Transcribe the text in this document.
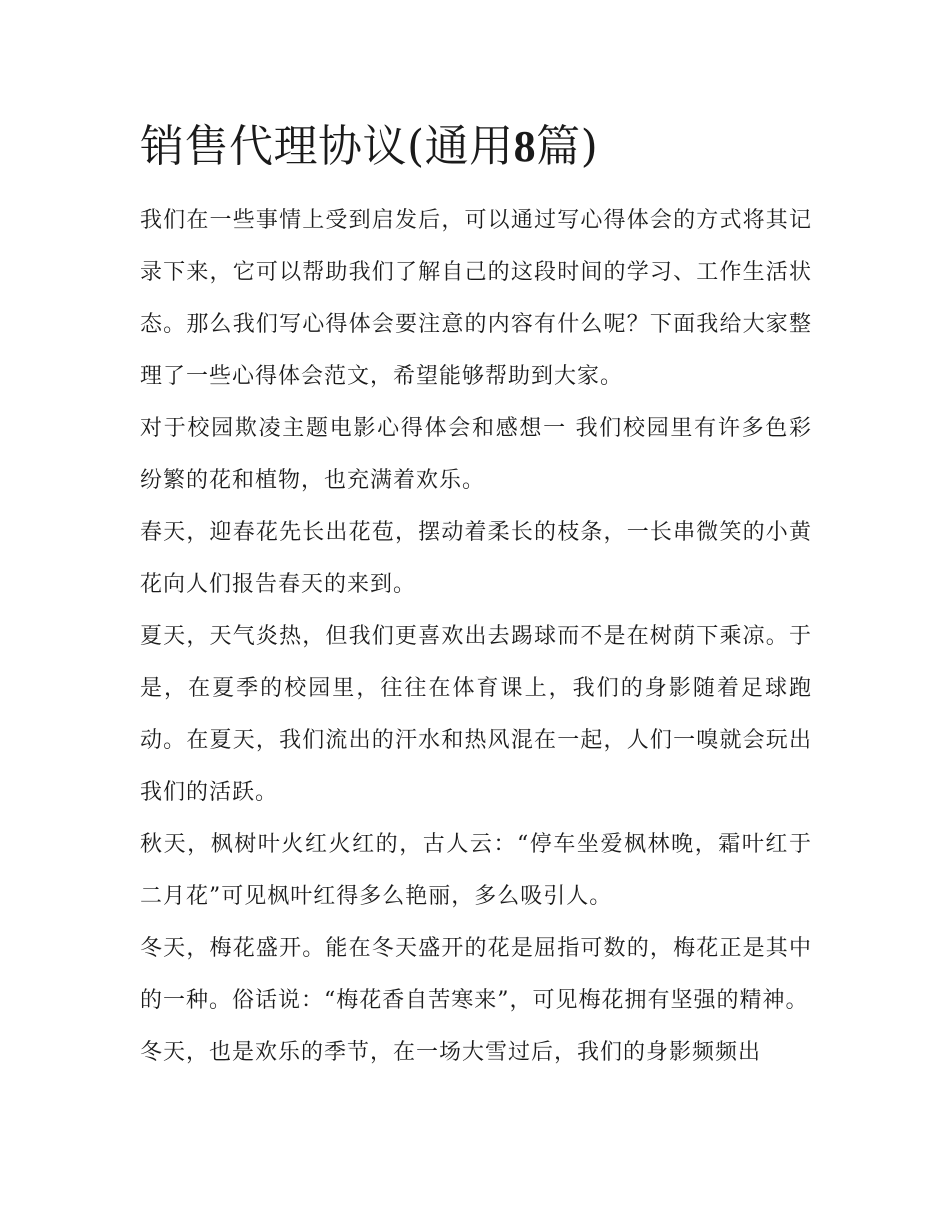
销售代理协议(通用8篇)

我们在一些事情上受到启发后，可以通过写心得体会的方式将其记录下来，它可以帮助我们了解自己的这段时间的学习、工作生活状态。那么我们写心得体会要注意的内容有什么呢？下面我给大家整理了一些心得体会范文，希望能够帮助到大家。

对于校园欺凌主题电影心得体会和感想一 我们校园里有许多色彩纷繁的花和植物，也充满着欢乐。

春天，迎春花先长出花苞，摆动着柔长的枝条，一长串微笑的小黄花向人们报告春天的来到。

夏天，天气炎热，但我们更喜欢出去踢球而不是在树荫下乘凉。于是，在夏季的校园里，往往在体育课上，我们的身影随着足球跑动。在夏天，我们流出的汗水和热风混在一起，人们一嗅就会玩出我们的活跃。

秋天，枫树叶火红火红的，古人云：“停车坐爱枫林晚，霜叶红于二月花”可见枫叶红得多么艳丽，多么吸引人。

冬天，梅花盛开。能在冬天盛开的花是屈指可数的，梅花正是其中的一种。俗话说：“梅花香自苦寒来”，可见梅花拥有坚强的精神。

冬天，也是欢乐的季节，在一场大雪过后，我们的身影频频出
